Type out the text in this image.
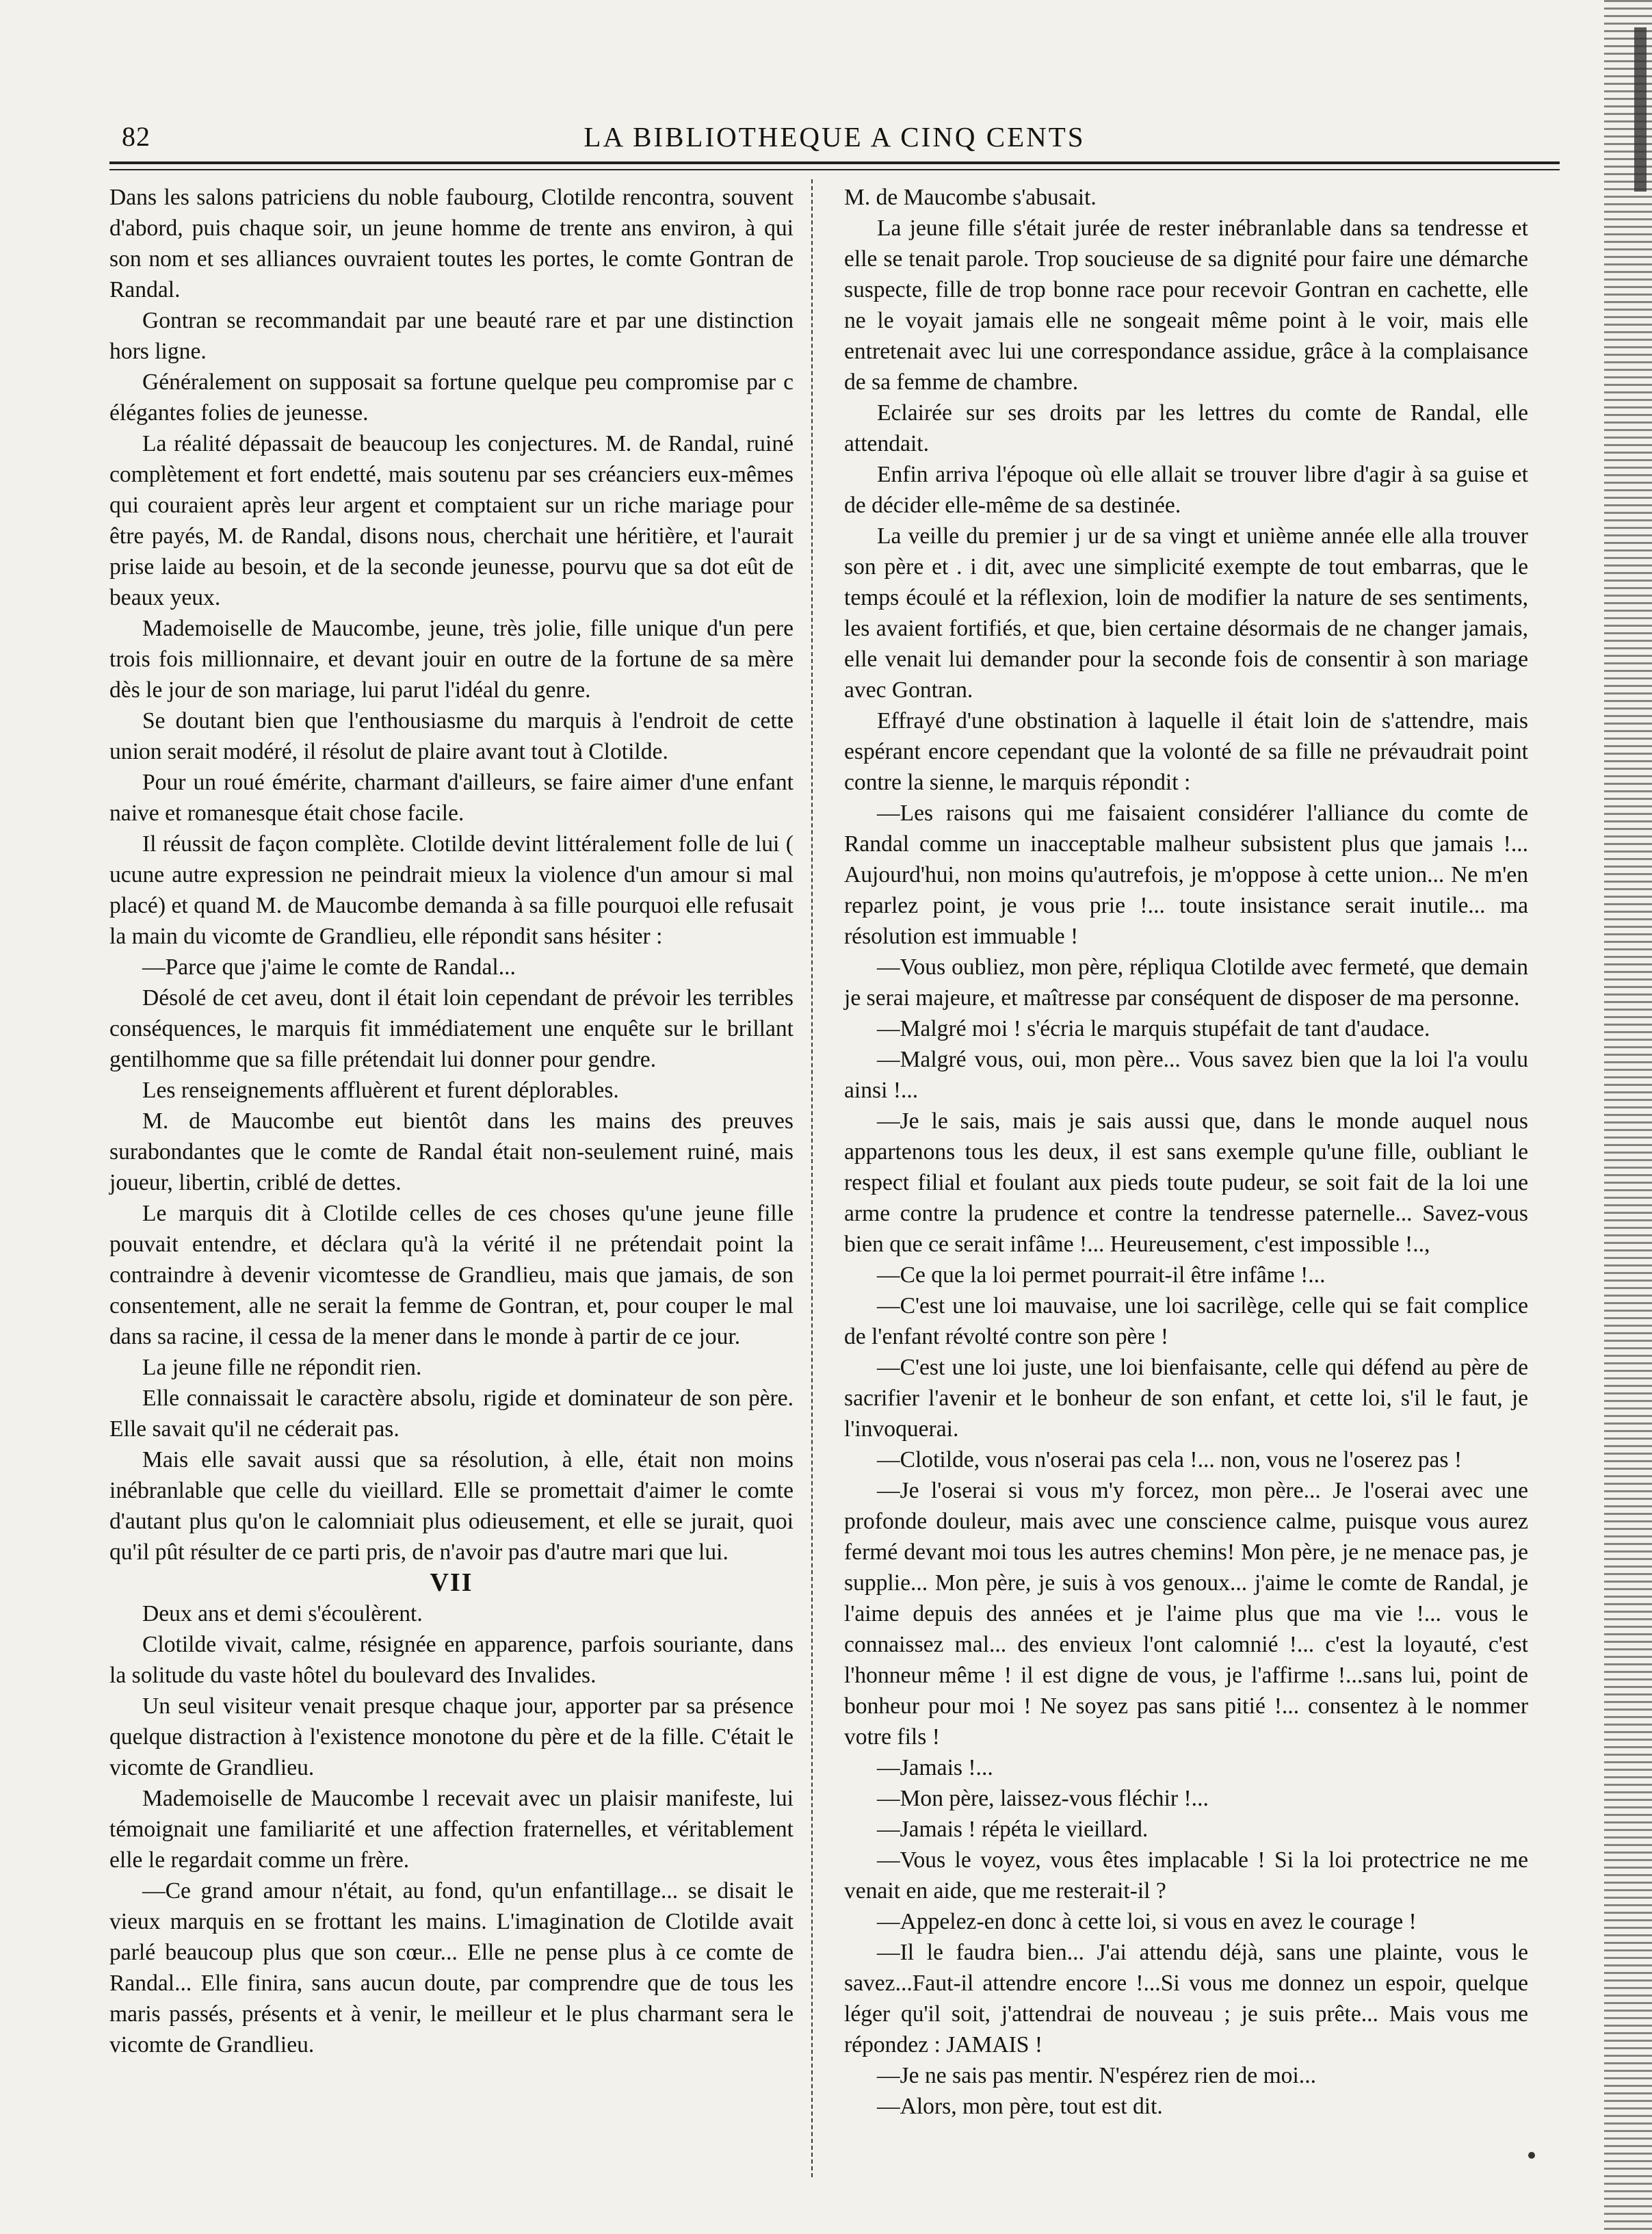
82	LA BIBLIOTHEQUE A CINQ CENTS

Dans les salons patriciens du noble faubourg, Clotilde rencontra, souvent d'abord, puis chaque soir, un jeune homme de trente ans environ, à qui son nom et ses alliances ouvraient toutes les portes, le comte Gontran de Randal.

Gontran se recommandait par une beauté rare et par une distinction hors ligne.

Généralement on supposait sa fortune quelque peu compromise par c élégantes folies de jeunesse.

La réalité dépassait de beaucoup les conjectures. M. de Randal, ruiné complètement et fort endetté, mais soutenu par ses créanciers eux-mêmes qui couraient après leur argent et comptaient sur un riche mariage pour être payés, M. de Randal, disons nous, cherchait une héritière, et l'aurait prise laide au besoin, et de la seconde jeunesse, pourvu que sa dot eût de beaux yeux.

Mademoiselle de Maucombe, jeune, très jolie, fille unique d'un pere trois fois millionnaire, et devant jouir en outre de la fortune de sa mère dès le jour de son mariage, lui parut l'idéal du genre.

Se doutant bien que l'enthousiasme du marquis à l'endroit de cette union serait modéré, il résolut de plaire avant tout à Clotilde.

Pour un roué émérite, charmant d'ailleurs, se faire aimer d'une enfant naive et romanesque était chose facile.

Il réussit de façon complète. Clotilde devint littéralement folle de lui ( ucune autre expression ne peindrait mieux la violence d'un amour si mal placé) et quand M. de Maucombe demanda à sa fille pourquoi elle refusait la main du vicomte de Grandlieu, elle répondit sans hésiter :

—Parce que j'aime le comte de Randal...

Désolé de cet aveu, dont il était loin cependant de prévoir les terribles conséquences, le marquis fit immédiatement une enquête sur le brillant gentilhomme que sa fille prétendait lui donner pour gendre.

Les renseignements affluèrent et furent déplorables.

M. de Maucombe eut bientôt dans les mains des preuves surabondantes que le comte de Randal était non-seulement ruiné, mais joueur, libertin, criblé de dettes.

Le marquis dit à Clotilde celles de ces choses qu'une jeune fille pouvait entendre, et déclara qu'à la vérité il ne prétendait point la contraindre à devenir vicomtesse de Grandlieu, mais que jamais, de son consentement, alle ne serait la femme de Gontran, et, pour couper le mal dans sa racine, il cessa de la mener dans le monde à partir de ce jour.

La jeune fille ne répondit rien.

Elle connaissait le caractère absolu, rigide et dominateur de son père. Elle savait qu'il ne céderait pas.

Mais elle savait aussi que sa résolution, à elle, était non moins inébranlable que celle du vieillard. Elle se promettait d'aimer le comte d'autant plus qu'on le calomniait plus odieusement, et elle se jurait, quoi qu'il pût résulter de ce parti pris, de n'avoir pas d'autre mari que lui.

VII

Deux ans et demi s'écoulèrent.

Clotilde vivait, calme, résignée en apparence, parfois souriante, dans la solitude du vaste hôtel du boulevard des Invalides.

Un seul visiteur venait presque chaque jour, apporter par sa présence quelque distraction à l'existence monotone du père et de la fille. C'était le vicomte de Grandlieu.

Mademoiselle de Maucombe l recevait avec un plaisir manifeste, lui témoignait une familiarité et une affection fraternelles, et véritablement elle le regardait comme un frère.

—Ce grand amour n'était, au fond, qu'un enfantillage... se disait le vieux marquis en se frottant les mains. L'imagination de Clotilde avait parlé beaucoup plus que son cœur... Elle ne pense plus à ce comte de Randal... Elle finira, sans aucun doute, par comprendre que de tous les maris passés, présents et à venir, le meilleur et le plus charmant sera le vicomte de Grandlieu.

M. de Maucombe s'abusait.

La jeune fille s'était jurée de rester inébranlable dans sa tendresse et elle se tenait parole. Trop soucieuse de sa dignité pour faire une démarche suspecte, fille de trop bonne race pour recevoir Gontran en cachette, elle ne le voyait jamais elle ne songeait même point à le voir, mais elle entretenait avec lui une correspondance assidue, grâce à la complaisance de sa femme de chambre.

Eclairée sur ses droits par les lettres du comte de Randal, elle attendait.

Enfin arriva l'époque où elle allait se trouver libre d'agir à sa guise et de décider elle-même de sa destinée.

La veille du premier j ur de sa vingt et unième année elle alla trouver son père et . i dit, avec une simplicité exempte de tout embarras, que le temps écoulé et la réflexion, loin de modifier la nature de ses sentiments, les avaient fortifiés, et que, bien certaine désormais de ne changer jamais, elle venait lui demander pour la seconde fois de consentir à son mariage avec Gontran.

Effrayé d'une obstination à laquelle il était loin de s'attendre, mais espérant encore cependant que la volonté de sa fille ne prévaudrait point contre la sienne, le marquis répondit :

—Les raisons qui me faisaient considérer l'alliance du comte de Randal comme un inacceptable malheur subsistent plus que jamais !... Aujourd'hui, non moins qu'autrefois, je m'oppose à cette union... Ne m'en reparlez point, je vous prie !... toute insistance serait inutile... ma résolution est immuable !

—Vous oubliez, mon père, répliqua Clotilde avec fermeté, que demain je serai majeure, et maîtresse par conséquent de disposer de ma personne.

—Malgré moi ! s'écria le marquis stupéfait de tant d'audace.

—Malgré vous, oui, mon père... Vous savez bien que la loi l'a voulu ainsi !...

—Je le sais, mais je sais aussi que, dans le monde auquel nous appartenons tous les deux, il est sans exemple qu'une fille, oubliant le respect filial et foulant aux pieds toute pudeur, se soit fait de la loi une arme contre la prudence et contre la tendresse paternelle... Savez-vous bien que ce serait infâme !... Heureusement, c'est impossible !..,

—Ce que la loi permet pourrait-il être infâme !...

—C'est une loi mauvaise, une loi sacrilège, celle qui se fait complice de l'enfant révolté contre son père !

—C'est une loi juste, une loi bienfaisante, celle qui défend au père de sacrifier l'avenir et le bonheur de son enfant, et cette loi, s'il le faut, je l'invoquerai.

—Clotilde, vous n'oserai pas cela !... non, vous ne l'oserez pas !

—Je l'oserai si vous m'y forcez, mon père... Je l'oserai avec une profonde douleur, mais avec une conscience calme, puisque vous aurez fermé devant moi tous les autres chemins! Mon père, je ne menace pas, je supplie... Mon père, je suis à vos genoux... j'aime le comte de Randal, je l'aime depuis des années et je l'aime plus que ma vie !... vous le connaissez mal... des envieux l'ont calomnié !... c'est la loyauté, c'est l'honneur même ! il est digne de vous, je l'affirme !...sans lui, point de bonheur pour moi ! Ne soyez pas sans pitié !... consentez à le nommer votre fils !

—Jamais !...

—Mon père, laissez-vous fléchir !...

—Jamais ! répéta le vieillard.

—Vous le voyez, vous êtes implacable ! Si la loi protectrice ne me venait en aide, que me resterait-il ?

—Appelez-en donc à cette loi, si vous en avez le courage !

—Il le faudra bien... J'ai attendu déjà, sans une plainte, vous le savez...Faut-il attendre encore !...Si vous me donnez un espoir, quelque léger qu'il soit, j'attendrai de nouveau ; je suis prête... Mais vous me répondez : JAMAIS !

—Je ne sais pas mentir. N'espérez rien de moi...

—Alors, mon père, tout est dit.
